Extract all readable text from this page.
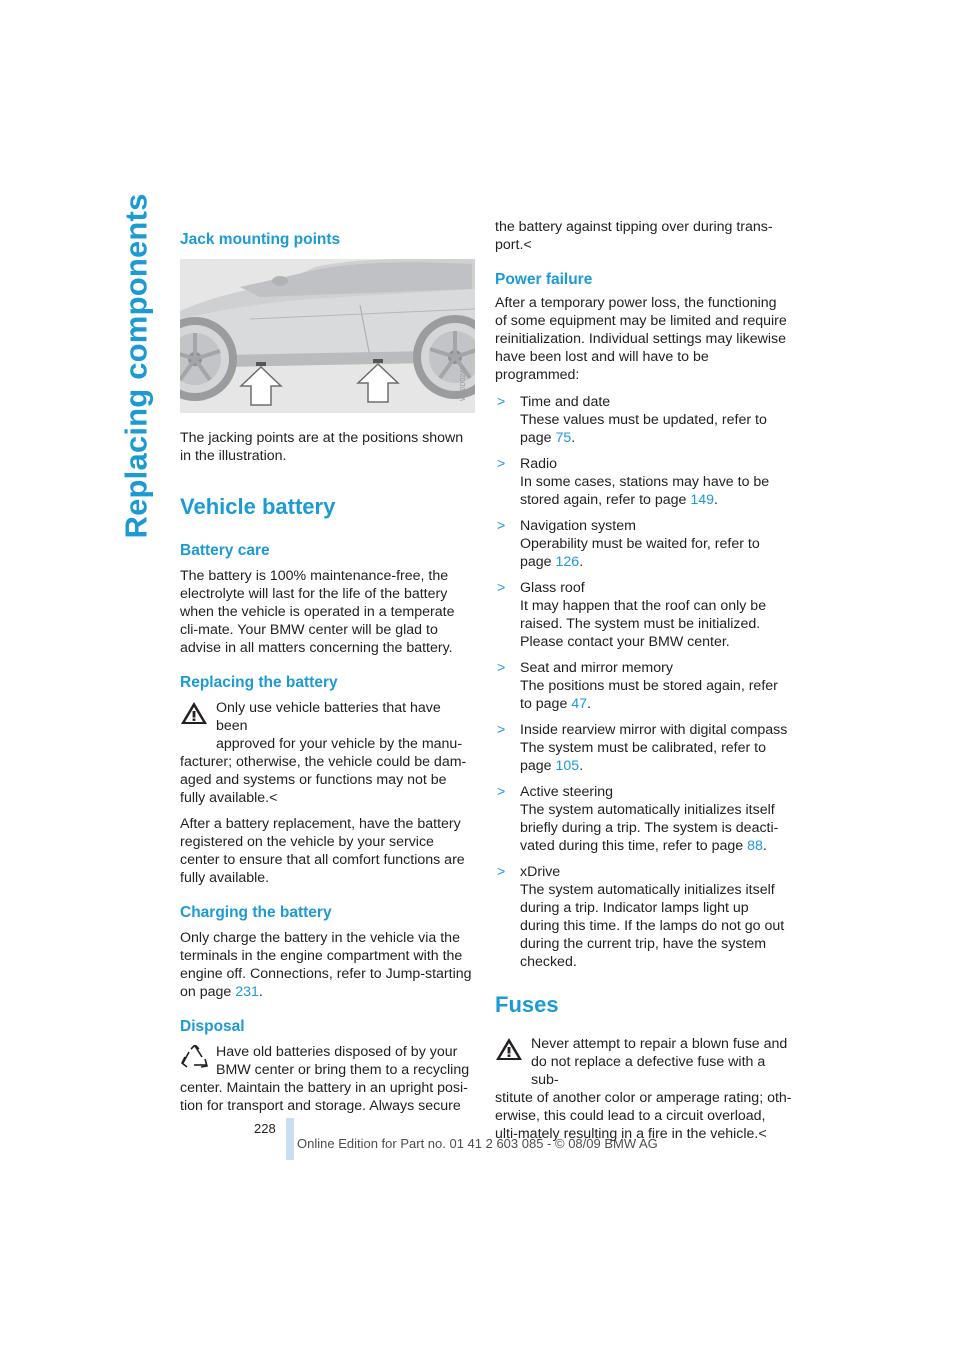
Replacing components Jack mounting points
W30D0246

The jacking points are at the positions shown in the illustration.

Vehicle battery
Battery care

The battery is 100% maintenance-free, the electrolyte will last for the life of the battery when the vehicle is operated in a temperate cli-mate. Your BMW center will be glad to advise in all matters concerning the battery.

Replacing the battery

Only use vehicle batteries that have been

approved for your vehicle by the manu-

facturer; otherwise, the vehicle could be dam-aged and systems or functions may not be fully available.<

After a battery replacement, have the battery registered on the vehicle by your service center to ensure that all comfort functions are fully available.

Charging the battery

Only charge the battery in the vehicle via the terminals in the engine compartment with the engine off. Connections, refer to Jump-starting on page 231.

Disposal

Have old batteries disposed of by your

BMW center or bring them to a recycling

center. Maintain the battery in an upright posi-tion for transport and storage. Always secure

the battery against tipping over during trans-port.<

Power failure

After a temporary power loss, the functioning of some equipment may be limited and require reinitialization. Individual settings may likewise have been lost and will have to be programmed:

> Time and date

These values must be updated, refer to page 75.

> Radio

In some cases, stations may have to be stored again, refer to page 149.

> Navigation system

Operability must be waited for, refer to page 126.

> Glass roof

It may happen that the roof can only be raised. The system must be initialized. Please contact your BMW center.

> Seat and mirror memory

The positions must be stored again, refer to page 47.

> Inside rearview mirror with digital compass

The system must be calibrated, refer to page 105.

> Active steering

The system automatically initializes itself briefly during a trip. The system is deacti-vated during this time, refer to page 88.

> xDrive

The system automatically initializes itself during a trip. Indicator lamps light up during this time. If the lamps do not go out during the current trip, have the system checked.

Fuses

Never attempt to repair a blown fuse and

do not replace a defective fuse with a sub-

stitute of another color or amperage rating; oth-erwise, this could lead to a circuit overload, ulti-mately resulting in a fire in the vehicle.<

228
Online Edition for Part no. 01 41 2 603 085 - © 08/09 BMW AG
